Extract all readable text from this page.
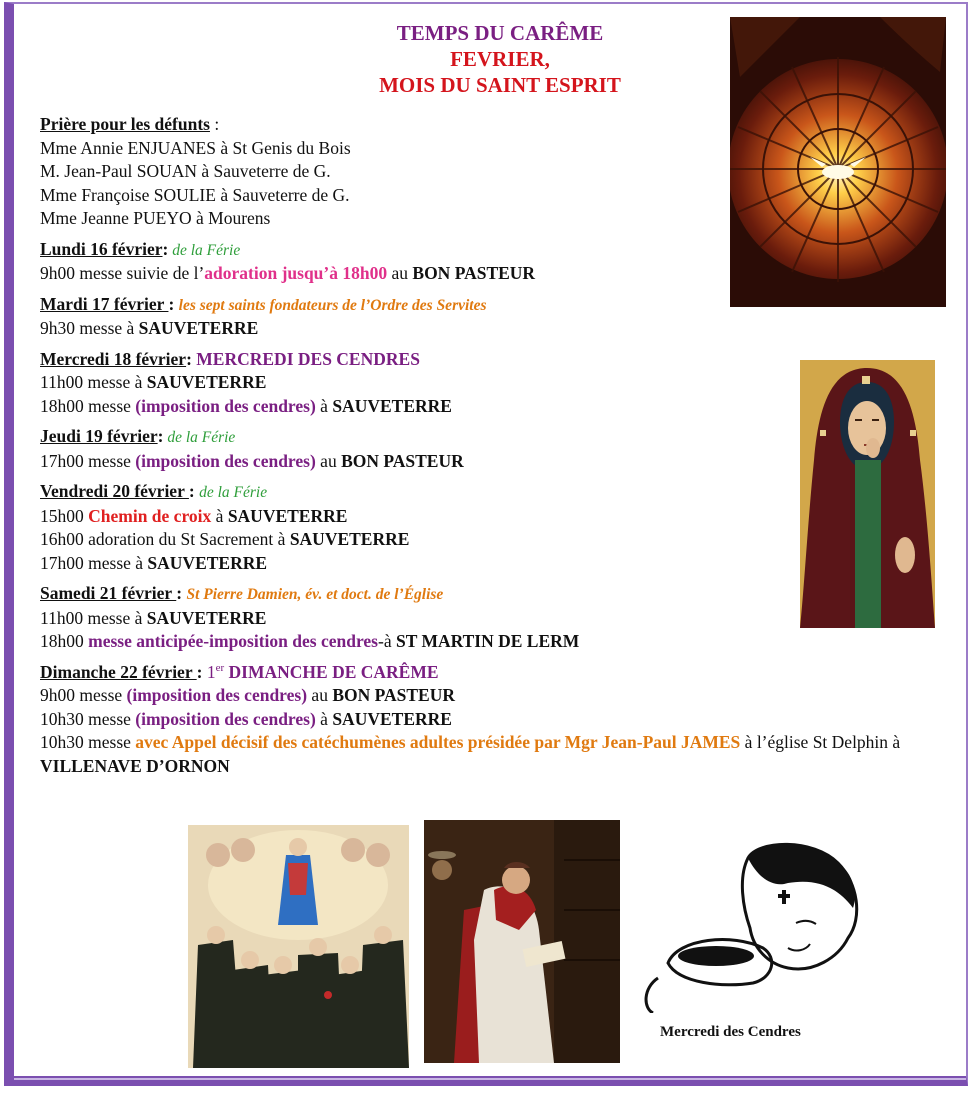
TEMPS DU CARÊME
FEVRIER,
MOIS DU SAINT ESPRIT
Prière pour les défunts :
Mme Annie ENJUANES à St Genis du Bois
M. Jean-Paul SOUAN à Sauveterre de G.
Mme Françoise SOULIE à Sauveterre de G.
Mme Jeanne PUEYO à Mourens
Lundi 16 février: de la Férie
9h00 messe suivie de l’adoration jusqu’à 18h00 au BON PASTEUR
Mardi 17 février : les sept saints fondateurs de l’Ordre des Servites
9h30 messe à SAUVETERRE
Mercredi 18 février: MERCREDI DES CENDRES
11h00 messe à SAUVETERRE
18h00 messe (imposition des cendres) à SAUVETERRE
Jeudi 19 février: de la Férie
17h00 messe (imposition des cendres) au BON PASTEUR
Vendredi 20 février : de la Férie
15h00 Chemin de croix à SAUVETERRE
16h00 adoration du St Sacrement à SAUVETERRE
17h00 messe à SAUVETERRE
Samedi 21 février : St Pierre Damien, év. et doct. de l’Église
11h00 messe à SAUVETERRE
18h00 messe anticipée-imposition des cendres-à ST MARTIN DE LERM
Dimanche 22 février : 1er DIMANCHE DE CARÊME
9h00 messe (imposition des cendres) au BON PASTEUR
10h30 messe (imposition des cendres) à SAUVETERRE
10h30 messe avec Appel décisif des catéchumènes adultes présidée par Mgr Jean-Paul JAMES à l’église St Delphin à VILLENAVE D’ORNON
Mercredi des Cendres
